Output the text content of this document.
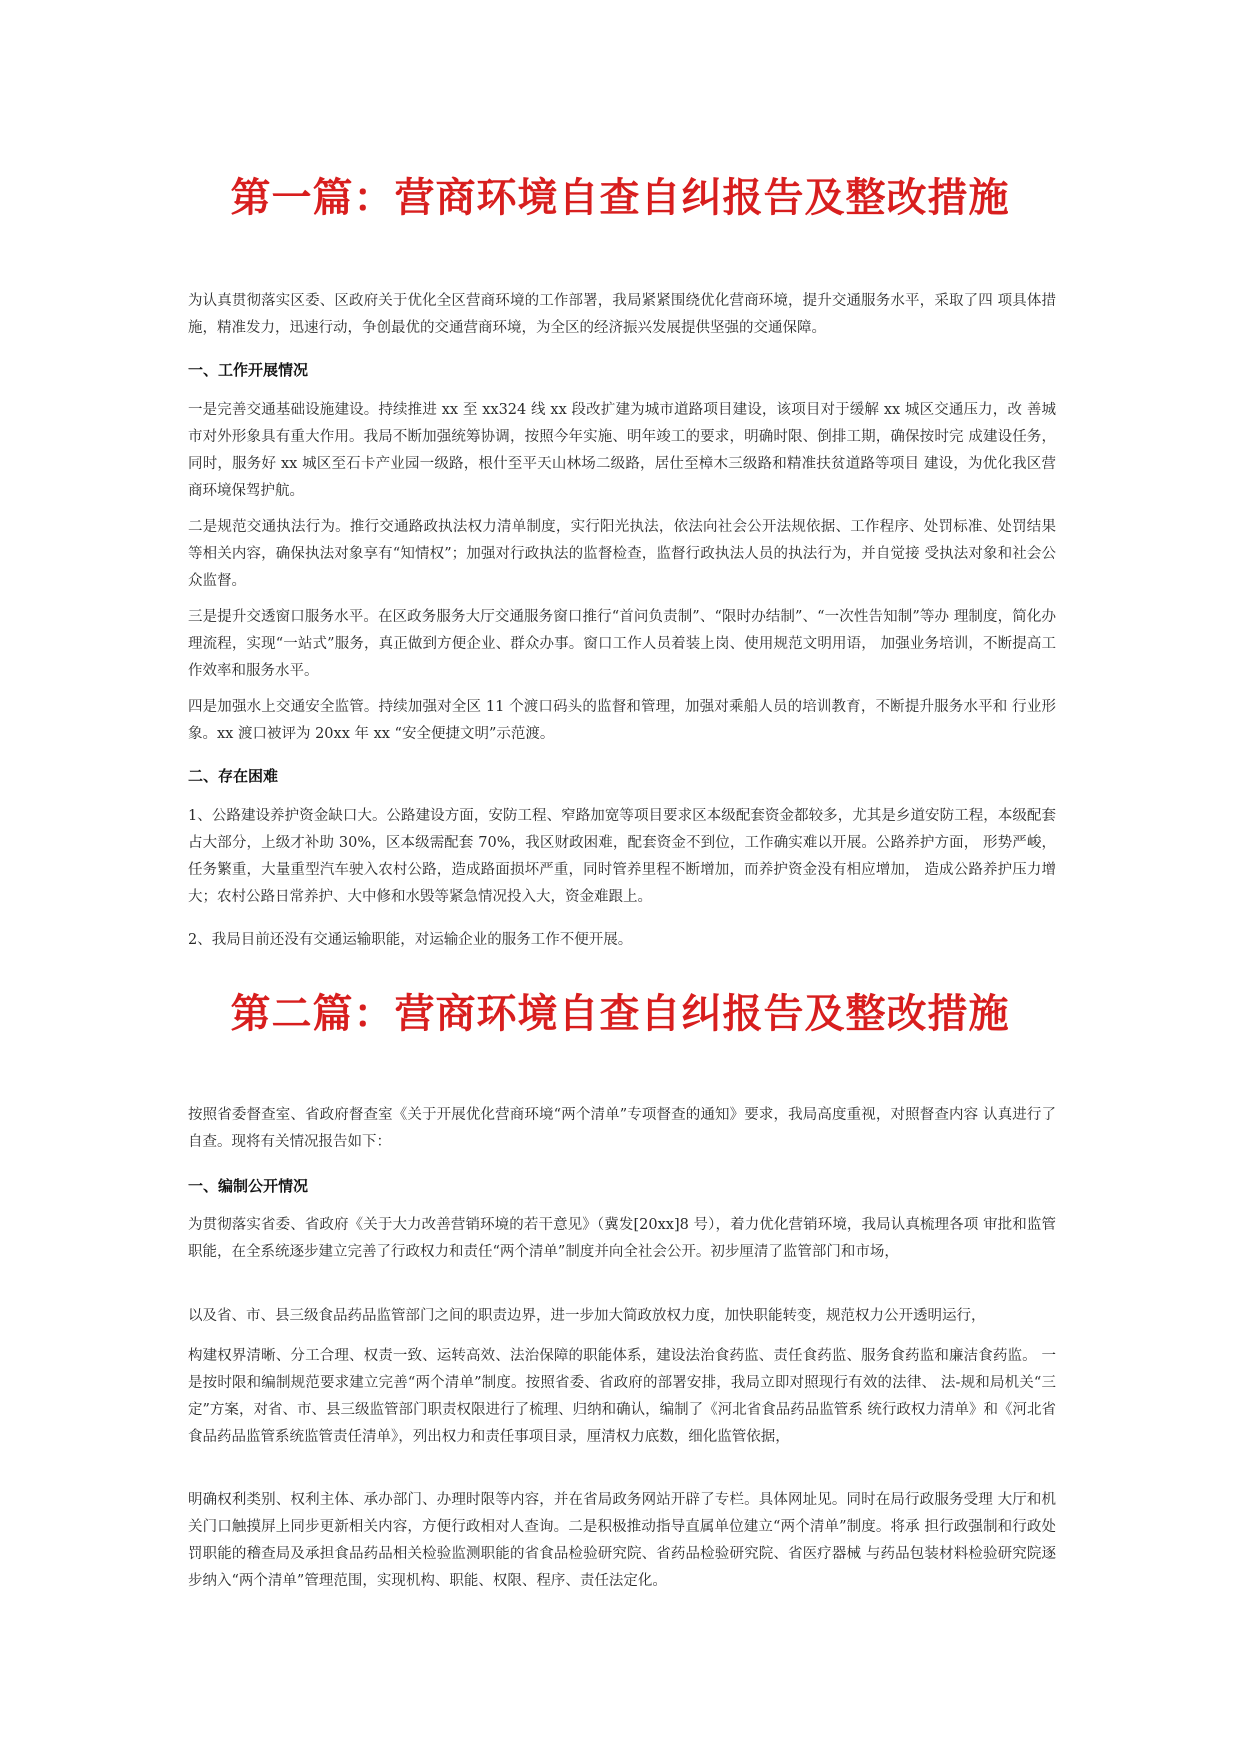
第一篇：营商环境自查自纠报告及整改措施

为认真贯彻落实区委、区政府关于优化全区营商环境的工作部署，我局紧紧围绕优化营商环境，提升交通服务水平，采取了四 项具体措施，精准发力，迅速行动，争创最优的交通营商环境，为全区的经济振兴发展提供坚强的交通保障。

一、工作开展情况

一是完善交通基础设施建设。持续推进 xx 至 xx324 线 xx 段改扩建为城市道路项目建设，该项目对于缓解 xx 城区交通压力，改 善城市对外形象具有重大作用。我局不断加强统筹协调，按照今年实施、明年竣工的要求，明确时限、倒排工期，确保按时完 成建设任务，同时，服务好 xx 城区至石卡产业园一级路，根什至平天山林场二级路，居仕至樟木三级路和精准扶贫道路等项目 建设，为优化我区营商环境保驾护航。

二是规范交通执法行为。推行交通路政执法权力清单制度，实行阳光执法，依法向社会公开法规依据、工作程序、处罚标准、处罚结果等相关内容，确保执法对象享有“知情权”；加强对行政执法的监督检查，监督行政执法人员的执法行为，并自觉接 受执法对象和社会公众监督。

三是提升交透窗口服务水平。在区政务服务大厅交通服务窗口推行“首问负责制”、“限时办结制”、“一次性告知制”等办 理制度，简化办理流程，实现“一站式”服务，真正做到方便企业、群众办事。窗口工作人员着装上岗、使用规范文明用语， 加强业务培训，不断提高工作效率和服务水平。

四是加强水上交通安全监管。持续加强对全区 11 个渡口码头的监督和管理，加强对乘船人员的培训教育，不断提升服务水平和 行业形象。xx 渡口被评为 20xx 年 xx “安全便捷文明”示范渡。

二、存在困难

1、公路建设养护资金缺口大。公路建设方面，安防工程、窄路加宽等项目要求区本级配套资金都较多，尤其是乡道安防工程，本级配套占大部分，上级才补助 30%，区本级需配套 70%，我区财政困难，配套资金不到位，工作确实难以开展。公路养护方面， 形势严峻，任务繁重，大量重型汽车驶入农村公路，造成路面损坏严重，同时管养里程不断增加，而养护资金没有相应增加， 造成公路养护压力增大；农村公路日常养护、大中修和水毁等紧急情况投入大，资金难跟上。

2、我局目前还没有交通运输职能，对运输企业的服务工作不便开展。

第二篇：营商环境自查自纠报告及整改措施

按照省委督查室、省政府督查室《关于开展优化营商环境“两个清单”专项督查的通知》要求，我局高度重视，对照督查内容 认真进行了自查。现将有关情况报告如下：

一、编制公开情况

为贯彻落实省委、省政府《关于大力改善营销环境的若干意见》（冀发[20xx]8 号），着力优化营销环境，我局认真梳理各项 审批和监管职能，在全系统逐步建立完善了行政权力和责任“两个清单”制度并向全社会公开。初步厘清了监管部门和市场，

以及省、市、县三级食品药品监管部门之间的职责边界，进一步加大简政放权力度，加快职能转变，规范权力公开透明运行，

构建权界清晰、分工合理、权责一致、运转高效、法治保障的职能体系，建设法治食药监、责任食药监、服务食药监和廉洁食药监。 一是按时限和编制规范要求建立完善“两个清单”制度。按照省委、省政府的部署安排，我局立即对照现行有效的法律、 法-规和局机关“三定”方案，对省、市、县三级监管部门职责权限进行了梳理、归纳和确认，编制了《河北省食品药品监管系 统行政权力清单》和《河北省食品药品监管系统监管责任清单》，列出权力和责任事项目录，厘清权力底数，细化监管依据，

明确权利类别、权利主体、承办部门、办理时限等内容，并在省局政务网站开辟了专栏。具体网址见。同时在局行政服务受理 大厅和机关门口触摸屏上同步更新相关内容，方便行政相对人查询。二是积极推动指导直属单位建立“两个清单”制度。将承 担行政强制和行政处罚职能的稽查局及承担食品药品相关检验监测职能的省食品检验研究院、省药品检验研究院、省医疗器械 与药品包装材料检验研究院逐步纳入“两个清单”管理范围，实现机构、职能、权限、程序、责任法定化。
